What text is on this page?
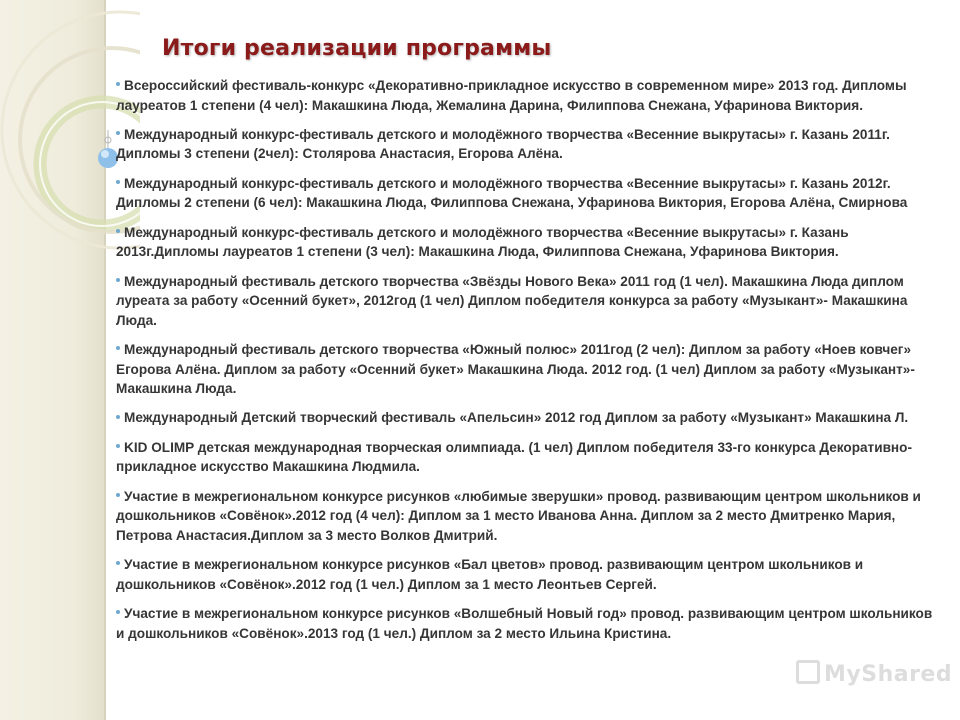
Итоги реализации программы
Всероссийский фестиваль-конкурс «Декоративно-прикладное искусство в современном мире» 2013 год. Дипломы лауреатов 1 степени (4 чел): Макашкина Люда, Жемалина Дарина, Филиппова Снежана, Уфаринова Виктория.
Международный конкурс-фестиваль детского и молодёжного творчества «Весенние выкрутасы» г. Казань 2011г. Дипломы 3 степени (2чел): Столярова Анастасия, Егорова Алёна.
Международный конкурс-фестиваль детского и молодёжного творчества «Весенние выкрутасы» г. Казань 2012г. Дипломы 2 степени (6 чел): Макашкина Люда, Филиппова Снежана, Уфаринова Виктория, Егорова Алёна, Смирнова
Международный конкурс-фестиваль детского и молодёжного творчества «Весенние выкрутасы» г. Казань 2013г.Дипломы лауреатов 1 степени (3 чел): Макашкина Люда, Филиппова Снежана, Уфаринова Виктория.
Международный фестиваль детского творчества «Звёзды Нового Века» 2011 год (1 чел). Макашкина Люда диплом луреата за работу «Осенний букет», 2012год (1 чел) Диплом победителя конкурса за работу «Музыкант»- Макашкина Люда.
Международный фестиваль детского творчества «Южный полюс» 2011год (2 чел): Диплом за работу «Ноев ковчег» Егорова Алёна. Диплом за работу «Осенний букет» Макашкина Люда. 2012 год. (1 чел) Диплом за работу «Музыкант»- Макашкина Люда.
Международный Детский творческий фестиваль «Апельсин» 2012 год Диплом за работу «Музыкант» Макашкина Л.
KID OLIMP детская международная творческая олимпиада. (1 чел) Диплом победителя 33-го конкурса Декоративно-прикладное искусство Макашкина Людмила.
Участие в межрегиональном конкурсе рисунков «любимые зверушки» провод. развивающим центром школьников и дошкольников «Совёнок».2012 год (4 чел): Диплом за 1 место Иванова Анна. Диплом за 2 место Дмитренко Мария, Петрова Анастасия.Диплом за 3 место Волков Дмитрий.
Участие в межрегиональном конкурсе рисунков «Бал цветов» провод. развивающим центром школьников и дошкольников «Совёнок».2012 год (1 чел.) Диплом за 1 место Леонтьев Сергей.
Участие в межрегиональном конкурсе рисунков «Волшебный Новый год» провод. развивающим центром школьников и дошкольников «Совёнок».2013 год (1 чел.) Диплом за 2 место Ильина Кристина.
MyShared
